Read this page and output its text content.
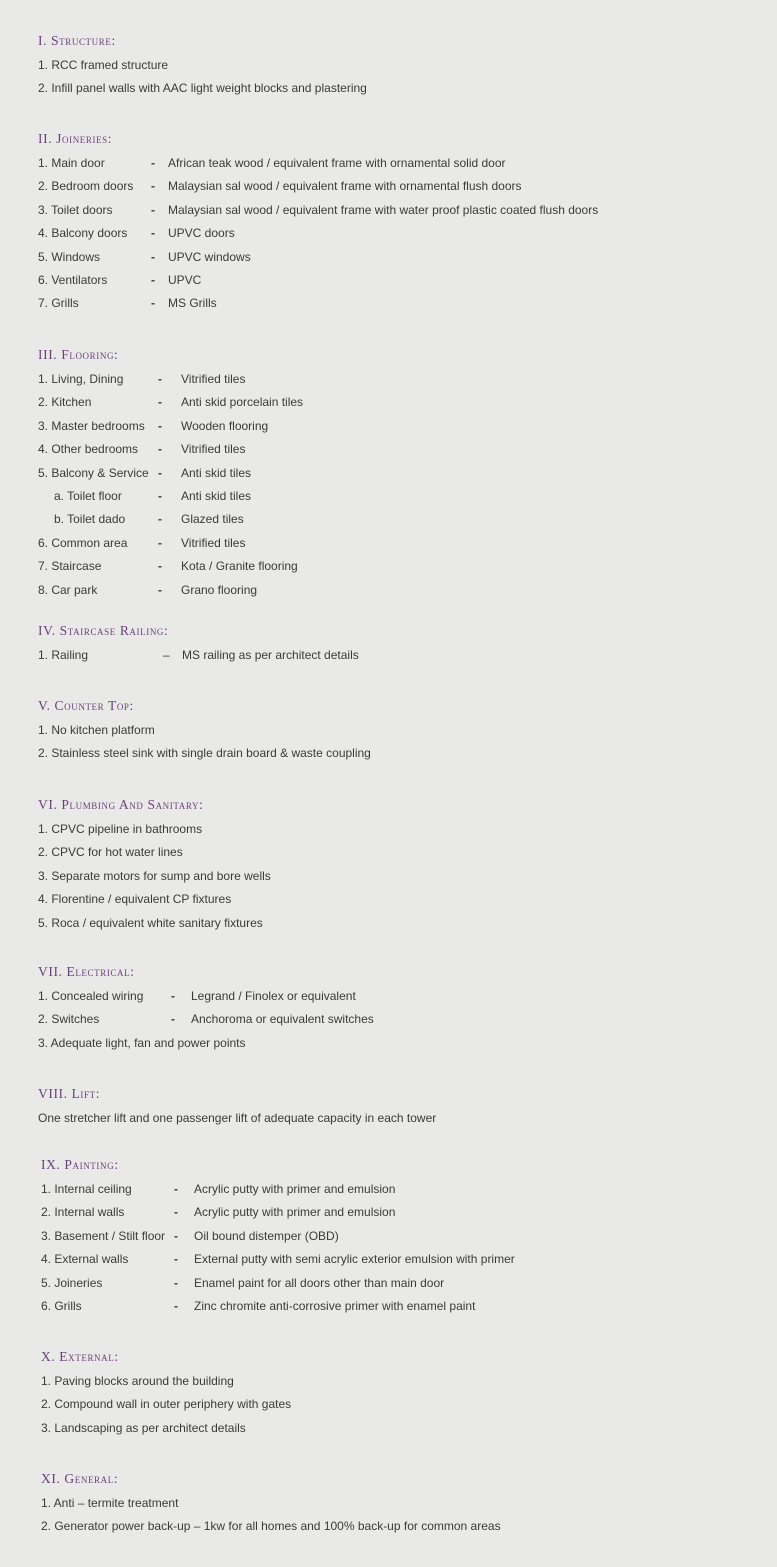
I. Structure:
1. RCC framed structure
2. Infill panel walls with AAC light weight blocks and plastering
II. Joineries:
1. Main door	- African teak wood / equivalent frame with ornamental solid door
2. Bedroom doors - Malaysian sal wood / equivalent frame with ornamental flush doors
3. Toilet doors	- Malaysian sal wood / equivalent frame with water proof plastic coated flush doors
4. Balcony doors - UPVC doors
5. Windows	- UPVC windows
6. Ventilators	- UPVC
7. Grills	- MS Grills
III. Flooring:
1. Living, Dining	- Vitrified tiles
2. Kitchen	- Anti skid porcelain tiles
3. Master bedrooms - Wooden flooring
4. Other bedrooms - Vitrified tiles
5. Balcony & Service - Anti skid tiles
a. Toilet floor	- Anti skid tiles
b. Toilet dado	- Glazed tiles
6. Common area	- Vitrified tiles
7. Staircase	- Kota / Granite flooring
8. Car park	- Grano flooring
IV. Staircase Railing:
1. Railing	– MS railing as per architect details
V. Counter Top:
1. No kitchen platform
2. Stainless steel sink with single drain board & waste coupling
VI. Plumbing And Sanitary:
1. CPVC pipeline in bathrooms
2. CPVC for hot water lines
3. Separate motors for sump and bore wells
4. Florentine / equivalent CP fixtures
5. Roca / equivalent white sanitary fixtures
VII. Electrical:
1. Concealed wiring - Legrand / Finolex or equivalent
2. Switches	- Anchoroma or equivalent switches
3. Adequate light, fan and power points
VIII. Lift:
One stretcher lift and one passenger lift of adequate capacity in each tower
IX. Painting:
1. Internal ceiling	- Acrylic putty with primer and emulsion
2. Internal walls	- Acrylic putty with primer and emulsion
3. Basement / Stilt floor - Oil bound distemper (OBD)
4. External walls	- External putty with semi acrylic exterior emulsion with primer
5. Joineries	- Enamel paint for all doors other than main door
6. Grills	- Zinc chromite anti-corrosive primer with enamel paint
X. External:
1. Paving blocks around the building
2. Compound wall in outer periphery with gates
3. Landscaping as per architect details
XI. General:
1. Anti – termite treatment
2. Generator power back-up – 1kw for all homes and 100% back-up for common areas
